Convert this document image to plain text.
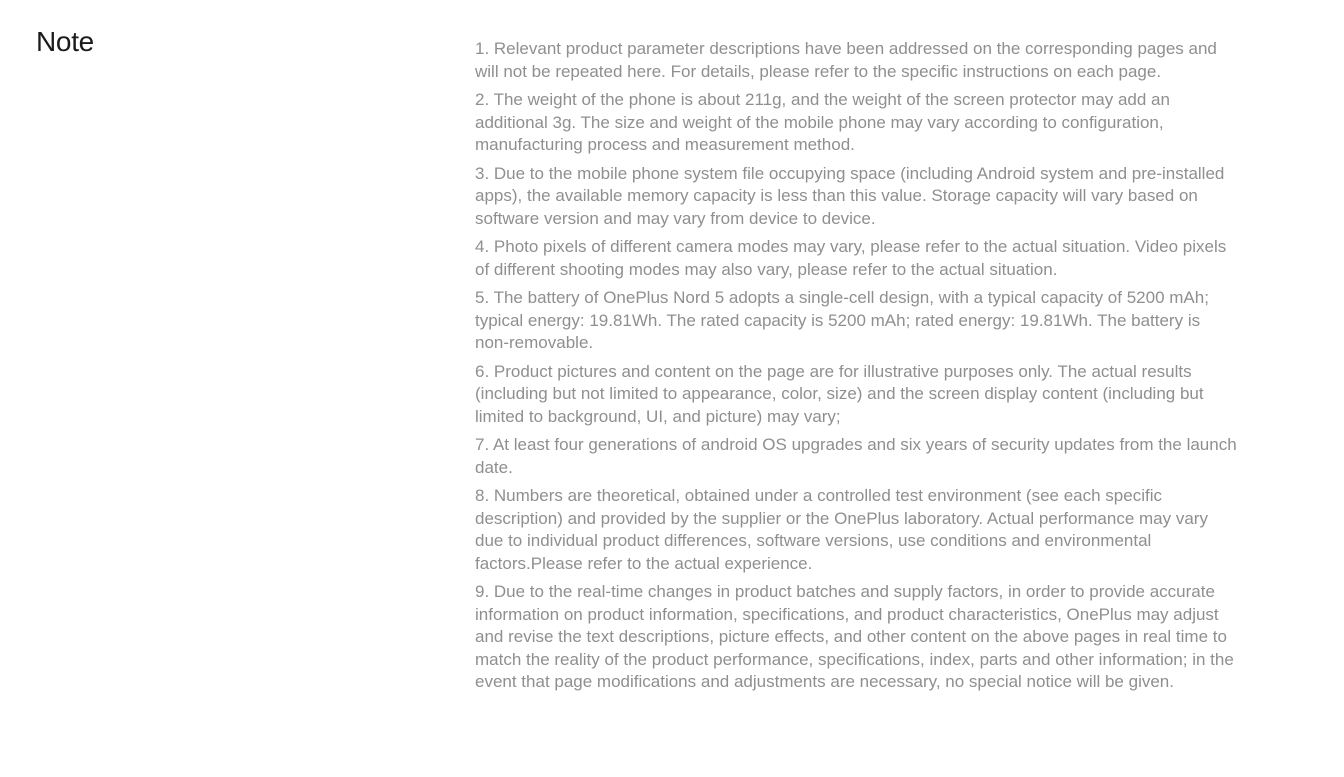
Note	1. Relevant product parameter descriptions have been addressed on the corresponding pages and will not be repeated here. For details, please refer to the specific instructions on each page.

2. The weight of the phone is about 211g, and the weight of the screen protector may add an additional 3g. The size and weight of the mobile phone may vary according to configuration, manufacturing process and measurement method.

3. Due to the mobile phone system file occupying space (including Android system and pre-installed apps), the available memory capacity is less than this value. Storage capacity will vary based on software version and may vary from device to device.

4. Photo pixels of different camera modes may vary, please refer to the actual situation. Video pixels of different shooting modes may also vary, please refer to the actual situation.

5. The battery of OnePlus Nord 5 adopts a single-cell design, with a typical capacity of 5200 mAh; typical energy: 19.81Wh. The rated capacity is 5200 mAh; rated energy: 19.81Wh. The battery is non-removable.

6. Product pictures and content on the page are for illustrative purposes only. The actual results (including but not limited to appearance, color, size) and the screen display content (including but limited to background, UI, and picture) may vary;

7. At least four generations of android OS upgrades and six years of security updates from the launch date.

8. Numbers are theoretical, obtained under a controlled test environment (see each specific description) and provided by the supplier or the OnePlus laboratory. Actual performance may vary due to individual product differences, software versions, use conditions and environmental factors.Please refer to the actual experience.

9. Due to the real-time changes in product batches and supply factors, in order to provide accurate information on product information, specifications, and product characteristics, OnePlus may adjust and revise the text descriptions, picture effects, and other content on the above pages in real time to match the reality of the product performance, specifications, index, parts and other information; in the event that page modifications and adjustments are necessary, no special notice will be given.
